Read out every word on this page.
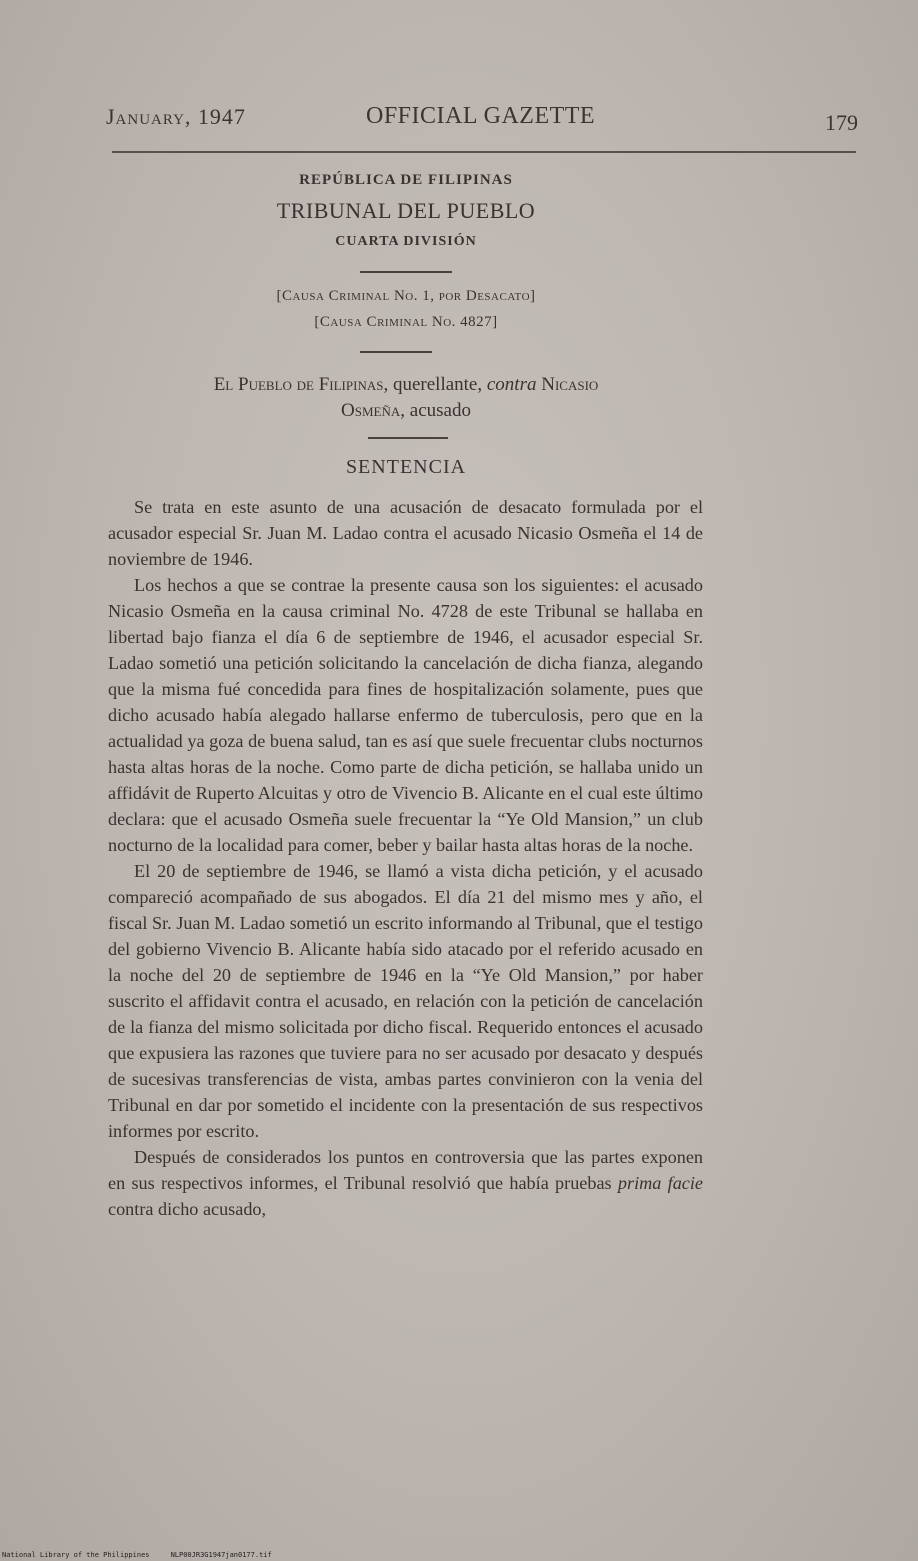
January, 1947	OFFICIAL GAZETTE	179
REPÚBLICA DE FILIPINAS
TRIBUNAL DEL PUEBLO
CUARTA DIVISIÓN
[Causa Criminal No. 1, por Desacato]
[Causa Criminal No. 4827]
El Pueblo de Filipinas, querellante, contra Nicasio
Osmeña, acusado
SENTENCIA

Se trata en este asunto de una acusación de desacato formulada por el acusador especial Sr. Juan M. Ladao contra el acusado Nicasio Osmeña el 14 de noviembre de 1946.

Los hechos a que se contrae la presente causa son los siguientes: el acusado Nicasio Osmeña en la causa criminal No. 4728 de este Tribunal se hallaba en libertad bajo fianza el día 6 de septiembre de 1946, el acusador especial Sr. Ladao sometió una petición solicitando la cancelación de dicha fianza, alegando que la misma fué concedida para fines de hospitalización solamente, pues que dicho acusado había alegado hallarse enfermo de tuberculosis, pero que en la actualidad ya goza de buena salud, tan es así que suele frecuentar clubs nocturnos hasta altas horas de la noche. Como parte de dicha petición, se hallaba unido un affidávit de Ruperto Alcuitas y otro de Vivencio B. Alicante en el cual este último declara: que el acusado Osmeña suele frecuentar la “Ye Old Mansion,” un club nocturno de la localidad para comer, beber y bailar hasta altas horas de la noche.

El 20 de septiembre de 1946, se llamó a vista dicha petición, y el acusado compareció acompañado de sus abogados. El día 21 del mismo mes y año, el fiscal Sr. Juan M. Ladao sometió un escrito informando al Tribunal, que el testigo del gobierno Vivencio B. Alicante había sido atacado por el referido acusado en la noche del 20 de septiembre de 1946 en la “Ye Old Mansion,” por haber suscrito el affidavit contra el acusado, en relación con la petición de cancelación de la fianza del mismo solicitada por dicho fiscal. Requerido entonces el acusado que expusiera las razones que tuviere para no ser acusado por desacato y después de sucesivas transferencias de vista, ambas partes convinieron con la venia del Tribunal en dar por sometido el incidente con la presentación de sus respectivos informes por escrito.

Después de considerados los puntos en controversia que las partes exponen en sus respectivos informes, el Tribunal resolvió que había pruebas prima facie contra dicho acusado,

National Library of the Philippines     NLP00JR3G1947jan0177.tif
